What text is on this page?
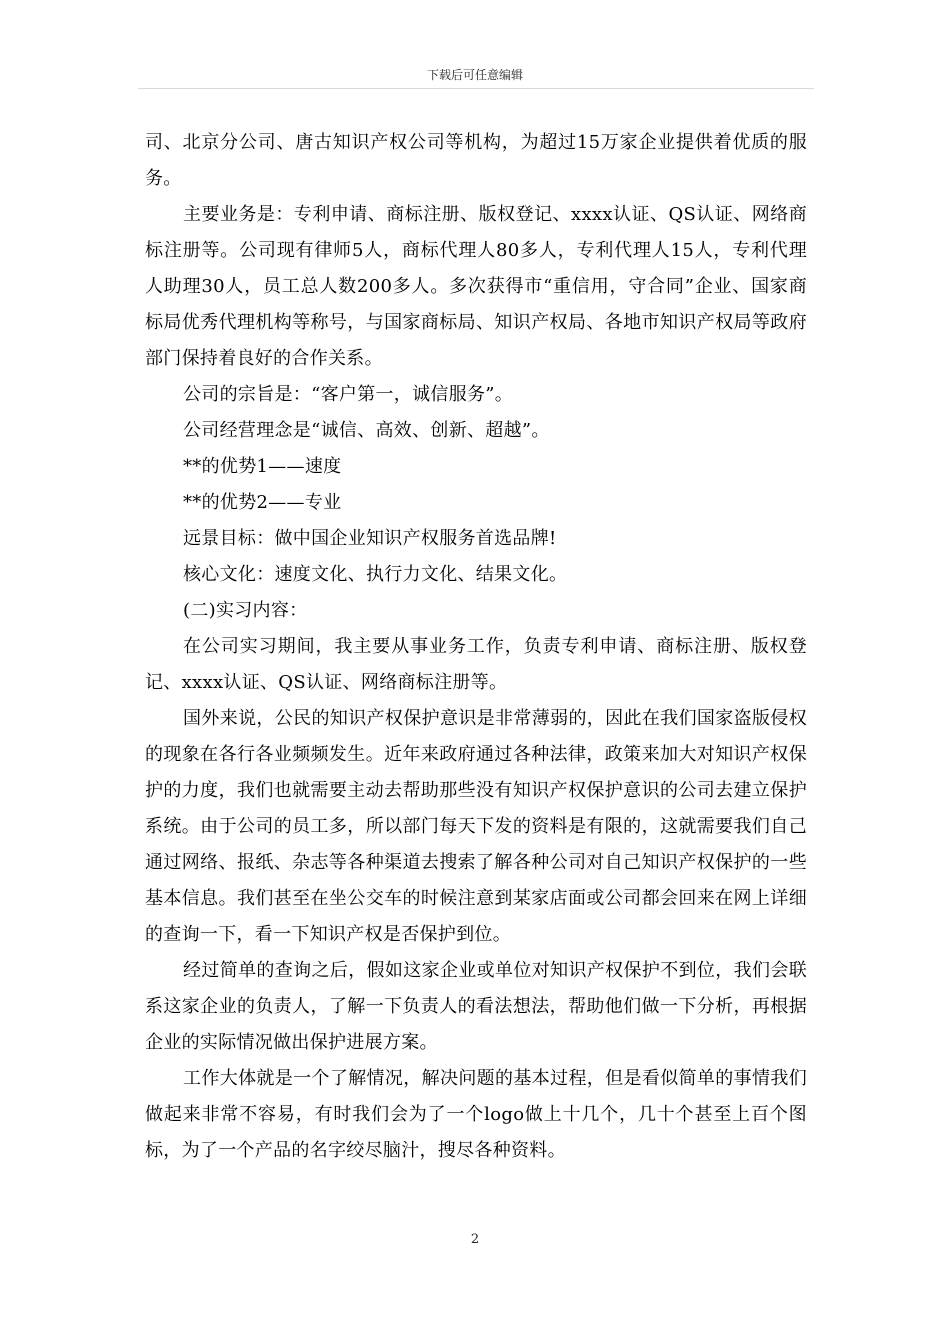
下载后可任意编辑

司、北京分公司、唐古知识产权公司等机构，为超过15万家企业提供着优质的服务。

主要业务是：专利申请、商标注册、版权登记、xxxx认证、QS认证、网络商标注册等。公司现有律师5人，商标代理人80多人，专利代理人15人，专利代理人助理30人，员工总人数200多人。多次获得市“重信用，守合同”企业、国家商标局优秀代理机构等称号，与国家商标局、知识产权局、各地市知识产权局等政府部门保持着良好的合作关系。

公司的宗旨是：“客户第一，诚信服务”。

公司经营理念是“诚信、高效、创新、超越”。

**的优势1——速度

**的优势2——专业

远景目标：做中国企业知识产权服务首选品牌!

核心文化：速度文化、执行力文化、结果文化。

(二)实习内容：

在公司实习期间，我主要从事业务工作，负责专利申请、商标注册、版权登记、xxxx认证、QS认证、网络商标注册等。

国外来说，公民的知识产权保护意识是非常薄弱的，因此在我们国家盗版侵权的现象在各行各业频频发生。近年来政府通过各种法律，政策来加大对知识产权保护的力度，我们也就需要主动去帮助那些没有知识产权保护意识的公司去建立保护系统。由于公司的员工多，所以部门每天下发的资料是有限的，这就需要我们自己通过网络、报纸、杂志等各种渠道去搜索了解各种公司对自己知识产权保护的一些基本信息。我们甚至在坐公交车的时候注意到某家店面或公司都会回来在网上详细的查询一下，看一下知识产权是否保护到位。

经过简单的查询之后，假如这家企业或单位对知识产权保护不到位，我们会联系这家企业的负责人，了解一下负责人的看法想法，帮助他们做一下分析，再根据企业的实际情况做出保护进展方案。

工作大体就是一个了解情况，解决问题的基本过程，但是看似简单的事情我们做起来非常不容易，有时我们会为了一个logo做上十几个，几十个甚至上百个图标，为了一个产品的名字绞尽脑汁，搜尽各种资料。

2
